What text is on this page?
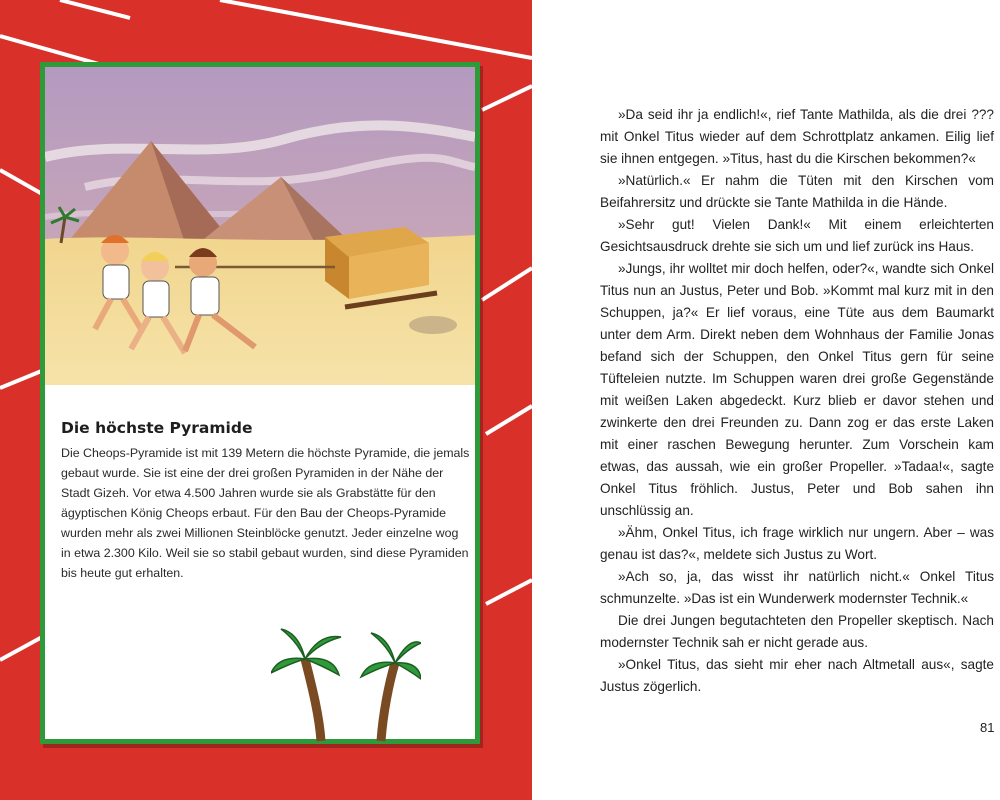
Die höchste Pyramide

Die Cheops-Pyramide ist mit 139 Metern die höchste Pyramide, die jemals gebaut wurde. Sie ist eine der drei großen Pyramiden in der Nähe der Stadt Gizeh. Vor etwa 4.500 Jahren wurde sie als Grabstätte für den ägyptischen König Cheops erbaut. Für den Bau der Cheops-Pyramide wurden mehr als zwei Millionen Steinblöcke genutzt. Jeder einzelne wog in etwa 2.300 Kilo. Weil sie so stabil gebaut wurden, sind diese Pyramiden bis heute gut erhalten.

»Da seid ihr ja endlich!«, rief Tante Mathilda, als die drei ??? mit Onkel Titus wieder auf dem Schrottplatz ankamen. Eilig lief sie ihnen entgegen. »Titus, hast du die Kirschen bekommen?«

»Natürlich.« Er nahm die Tüten mit den Kirschen vom Beifahrersitz und drückte sie Tante Mathilda in die Hände.

»Sehr gut! Vielen Dank!« Mit einem erleichterten Gesichtsausdruck drehte sie sich um und lief zurück ins Haus.

»Jungs, ihr wolltet mir doch helfen, oder?«, wandte sich Onkel Titus nun an Justus, Peter und Bob. »Kommt mal kurz mit in den Schuppen, ja?« Er lief voraus, eine Tüte aus dem Baumarkt unter dem Arm. Direkt neben dem Wohnhaus der Familie Jonas befand sich der Schuppen, den Onkel Titus gern für seine Tüfteleien nutzte. Im Schuppen waren drei große Gegenstände mit weißen Laken abgedeckt. Kurz blieb er davor stehen und zwinkerte den drei Freunden zu. Dann zog er das erste Laken mit einer raschen Bewegung herunter. Zum Vorschein kam etwas, das aussah, wie ein großer Propeller. »Tadaa!«, sagte Onkel Titus fröhlich. Justus, Peter und Bob sahen ihn unschlüssig an.

»Ähm, Onkel Titus, ich frage wirklich nur ungern. Aber – was genau ist das?«, meldete sich Justus zu Wort.

»Ach so, ja, das wisst ihr natürlich nicht.« Onkel Titus schmunzelte. »Das ist ein Wunderwerk modernster Technik.«

Die drei Jungen begutachteten den Propeller skeptisch. Nach modernster Technik sah er nicht gerade aus.

»Onkel Titus, das sieht mir eher nach Altmetall aus«, sagte Justus zögerlich.

81
